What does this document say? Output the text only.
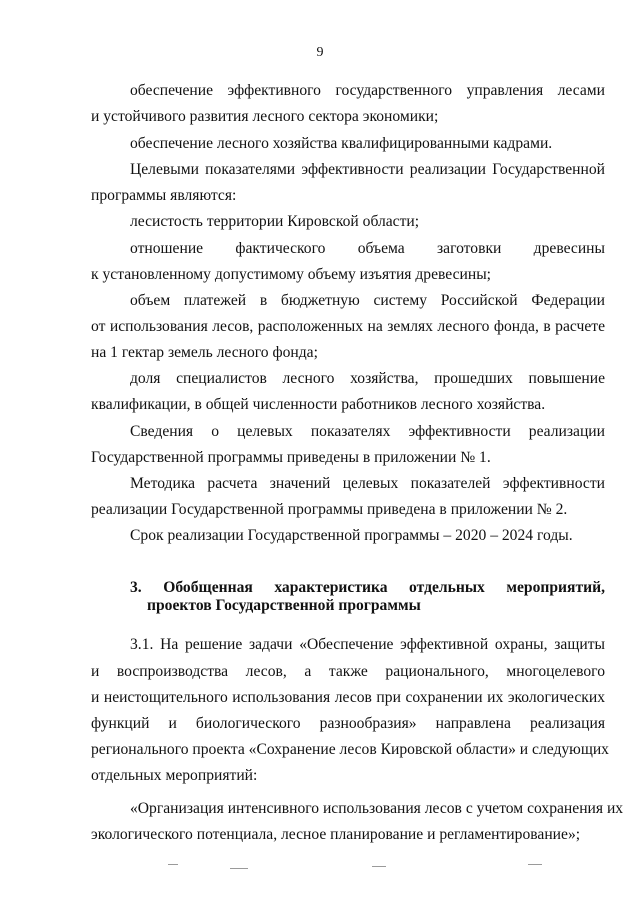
9
обеспечение эффективного государственного управления лесами
и устойчивого развития лесного сектора экономики;
обеспечение лесного хозяйства квалифицированными кадрами.
Целевыми показателями эффективности реализации Государственной
программы являются:
лесистость территории Кировской области;
отношение фактического объема заготовки древесины
к установленному допустимому объему изъятия древесины;
объем платежей в бюджетную систему Российской Федерации
от использования лесов, расположенных на землях лесного фонда, в расчете
на 1 гектар земель лесного фонда;
доля специалистов лесного хозяйства, прошедших повышение
квалификации, в общей численности работников лесного хозяйства.
Сведения о целевых показателях эффективности реализации
Государственной программы приведены в приложении № 1.
Методика расчета значений целевых показателей эффективности
реализации Государственной программы приведена в приложении № 2.
Срок реализации Государственной программы – 2020 – 2024 годы.
3. Обобщенная характеристика отдельных мероприятий,
проектов Государственной программы
3.1. На решение задачи «Обеспечение эффективной охраны, защиты
и воспроизводства лесов, а также рационального, многоцелевого
и неистощительного использования лесов при сохранении их экологических
функций и биологического разнообразия» направлена реализация
регионального проекта «Сохранение лесов Кировской области» и следующих
отдельных мероприятий:
«Организация интенсивного использования лесов с учетом сохранения их
экологического потенциала, лесное планирование и регламентирование»;
